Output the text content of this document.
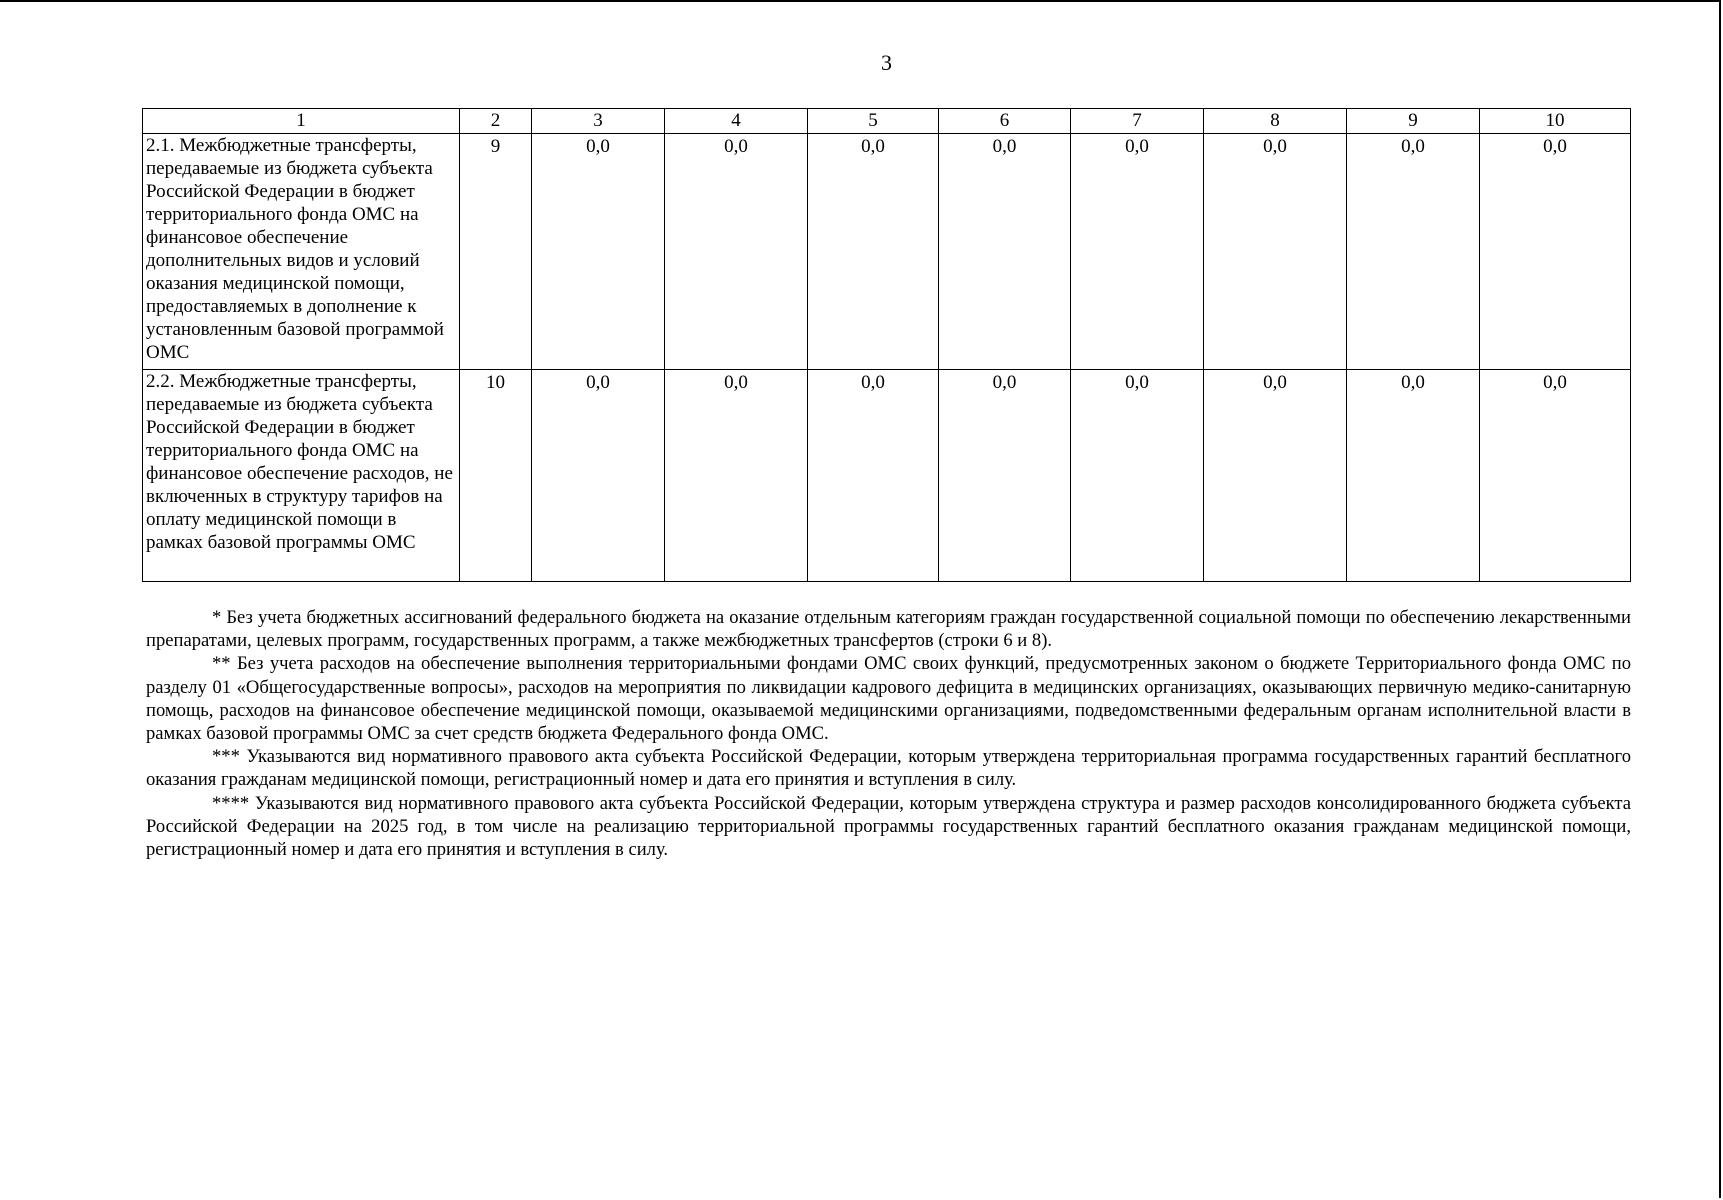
3
1	2	3	4	5	6	7	8	9	10
2.1. Межбюджетные трансферты, передаваемые из бюджета субъекта Российской Федерации в бюджет территориального фонда ОМС на финансовое обеспечение дополнительных видов и условий оказания медицинской помощи, предоставляемых в дополнение к установленным базовой программой ОМС	9	0,0	0,0	0,0	0,0	0,0	0,0	0,0	0,0
2.2. Межбюджетные трансферты, передаваемые из бюджета субъекта Российской Федерации в бюджет территориального фонда ОМС на финансовое обеспечение расходов, не включенных в структуру тарифов на оплату медицинской помощи в рамках базовой программы ОМС	10	0,0	0,0	0,0	0,0	0,0	0,0	0,0	0,0

* Без учета бюджетных ассигнований федерального бюджета на оказание отдельным категориям граждан государственной социальной помощи по обеспечению лекарственными препаратами, целевых программ, государственных программ, а также межбюджетных трансфертов (строки 6 и 8).

** Без учета расходов на обеспечение выполнения территориальными фондами ОМС своих функций, предусмотренных законом о бюджете Территориального фонда ОМС по разделу 01 «Общегосударственные вопросы», расходов на мероприятия по ликвидации кадрового дефицита в медицинских организациях, оказывающих первичную медико-санитарную помощь, расходов на финансовое обеспечение медицинской помощи, оказываемой медицинскими организациями, подведомственными федеральным органам исполнительной власти в рамках базовой программы ОМС за счет средств бюджета Федерального фонда ОМС.

*** Указываются вид нормативного правового акта субъекта Российской Федерации, которым утверждена территориальная программа государственных гарантий бесплатного оказания гражданам медицинской помощи, регистрационный номер и дата его принятия и вступления в силу.

**** Указываются вид нормативного правового акта субъекта Российской Федерации, которым утверждена структура и размер расходов консолидированного бюджета субъекта Российской Федерации на 2025 год, в том числе на реализацию территориальной программы государственных гарантий бесплатного оказания гражданам медицинской помощи, регистрационный номер и дата его принятия и вступления в силу.
